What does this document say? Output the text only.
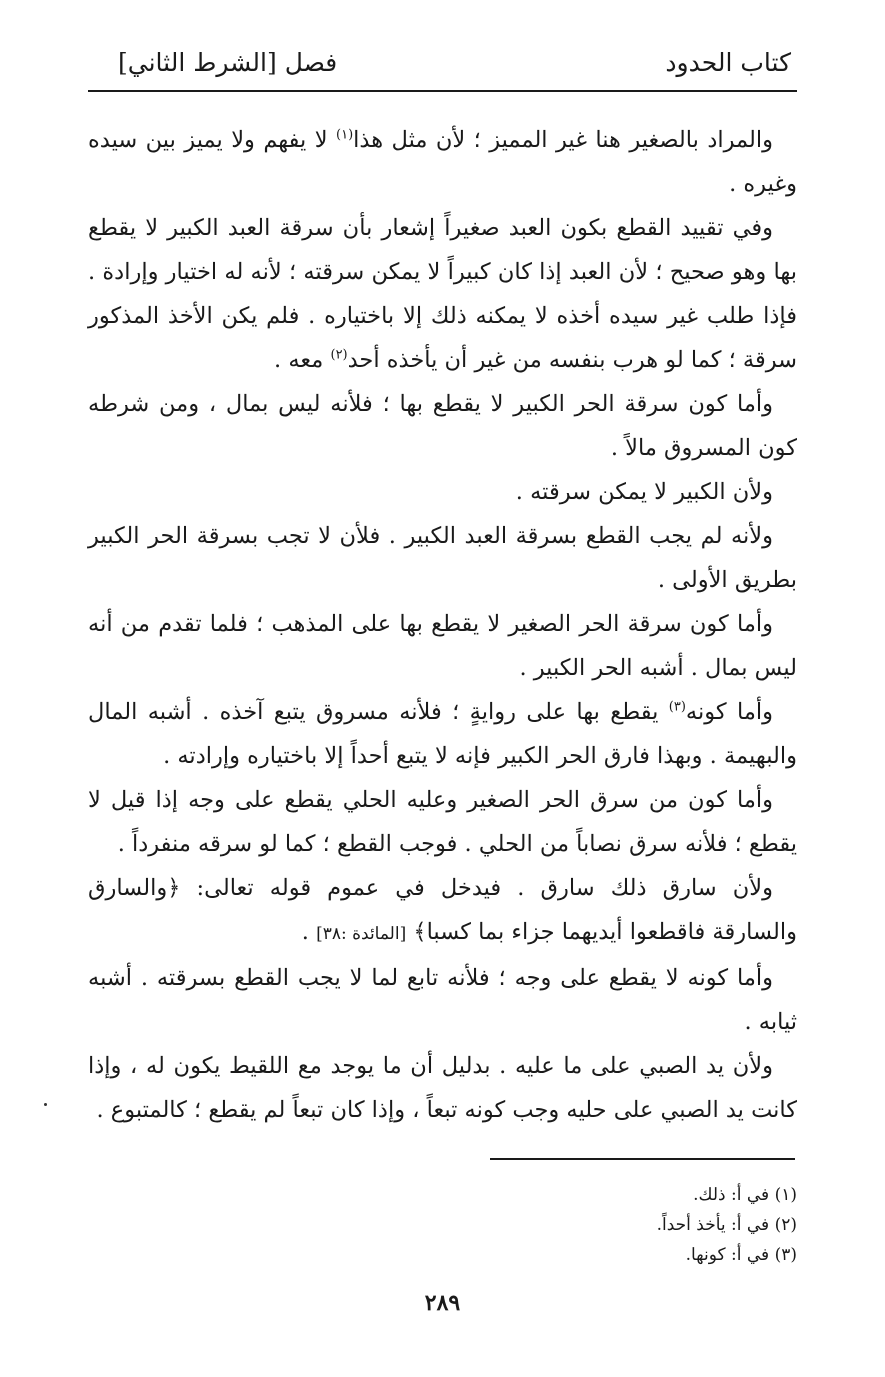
كتاب الحدود
فصل [الشرط الثاني]

والمراد بالصغير هنا غير المميز ؛ لأن مثل هذا$^{(١)}$ لا يفهم ولا يميز بين سيده وغيره .

وفي تقييد القطع بكون العبد صغيراً إشعار بأن سرقة العبد الكبير لا يقطع بها وهو صحيح ؛ لأن العبد إذا كان كبيراً لا يمكن سرقته ؛ لأنه له اختيار وإرادة . فإذا طلب غير سيده أخذه لا يمكنه ذلك إلا باختياره . فلم يكن الأخذ المذكور سرقة ؛ كما لو هرب بنفسه من غير أن يأخذه أحد$^{(٢)}$ معه .

وأما كون سرقة الحر الكبير لا يقطع بها ؛ فلأنه ليس بمال ، ومن شرطه كون المسروق مالاً .

ولأن الكبير لا يمكن سرقته .

ولأنه لم يجب القطع بسرقة العبد الكبير . فلأن لا تجب بسرقة الحر الكبير بطريق الأولى .

وأما كون سرقة الحر الصغير لا يقطع بها على المذهب ؛ فلما تقدم من أنه ليس بمال . أشبه الحر الكبير .

وأما كونه$^{(٣)}$ يقطع بها على روايةٍ ؛ فلأنه مسروق يتبع آخذه . أشبه المال والبهيمة . وبهذا فارق الحر الكبير فإنه لا يتبع أحداً إلا باختياره وإرادته .

وأما كون من سرق الحر الصغير وعليه الحلي يقطع على وجه إذا قيل لا يقطع ؛ فلأنه سرق نصاباً من الحلي . فوجب القطع ؛ كما لو سرقه منفرداً .

ولأن سارق ذلك سارق . فيدخل في عموم قوله تعالى: ﴿والسارق والسارقة فاقطعوا أيديهما جزاء بما كسبا﴾ [المائدة :٣٨] .

وأما كونه لا يقطع على وجه ؛ فلأنه تابع لما لا يجب القطع بسرقته . أشبه ثيابه .

ولأن يد الصبي على ما عليه . بدليل أن ما يوجد مع اللقيط يكون له ، وإذا كانت يد الصبي على حليه وجب كونه تبعاً ، وإذا كان تبعاً لم يقطع ؛ كالمتبوع .

(١) في أ: ذلك.
(٢) في أ: يأخذ أحداً.
(٣) في أ: كونها.
٢٨٩
